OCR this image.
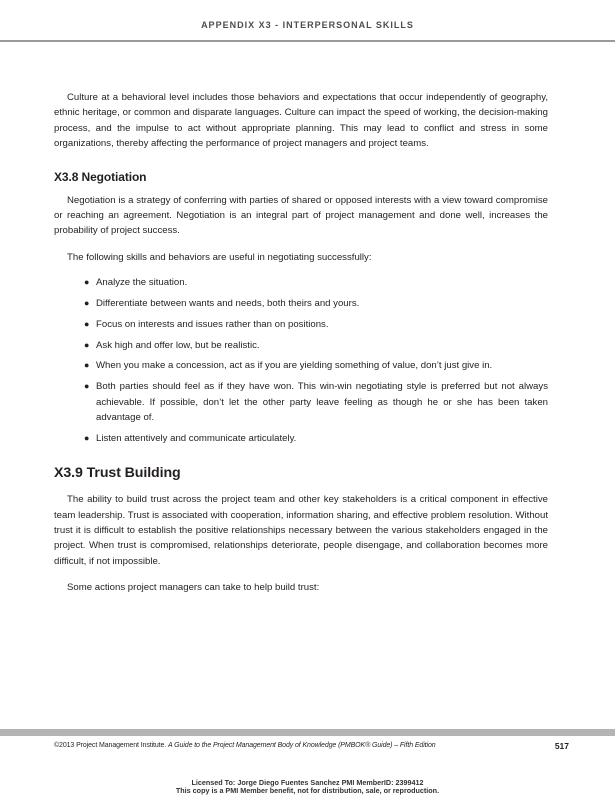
APPENDIX X3 - INTERPERSONAL SKILLS

Culture at a behavioral level includes those behaviors and expectations that occur independently of geography, ethnic heritage, or common and disparate languages. Culture can impact the speed of working, the decision-making process, and the impulse to act without appropriate planning. This may lead to conflict and stress in some organizations, thereby affecting the performance of project managers and project teams.

X3.8 Negotiation

Negotiation is a strategy of conferring with parties of shared or opposed interests with a view toward compromise or reaching an agreement. Negotiation is an integral part of project management and done well, increases the probability of project success.

The following skills and behaviors are useful in negotiating successfully:

● Analyze the situation.
● Differentiate between wants and needs, both theirs and yours.
● Focus on interests and issues rather than on positions.
● Ask high and offer low, but be realistic.
● When you make a concession, act as if you are yielding something of value, don’t just give in.
● Both parties should feel as if they have won. This win-win negotiating style is preferred but not always achievable. If possible, don’t let the other party leave feeling as though he or she has been taken advantage of.
● Listen attentively and communicate articulately.
X3.9 Trust Building

The ability to build trust across the project team and other key stakeholders is a critical component in effective team leadership. Trust is associated with cooperation, information sharing, and effective problem resolution. Without trust it is difficult to establish the positive relationships necessary between the various stakeholders engaged in the project. When trust is compromised, relationships deteriorate, people disengage, and collaboration becomes more difficult, if not impossible.

Some actions project managers can take to help build trust:

©2013 Project Management Institute. A Guide to the Project Management Body of Knowledge (PMBOK® Guide) – Fifth Edition	517
Licensed To: Jorge Diego Fuentes Sanchez PMI MemberID: 2399412
This copy is a PMI Member benefit, not for distribution, sale, or reproduction.
